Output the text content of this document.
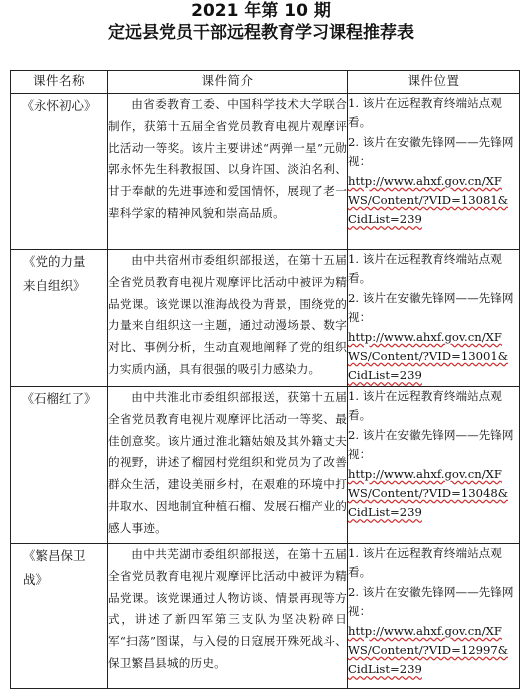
2021 年第 10 期
定远县党员干部远程教育学习课程推荐表
课件名称	课件简介	课件位置
《永怀初心》	由省委教育工委、中国科学技术大学联合制作，获第十五届全省党员教育电视片观摩评比活动一等奖。该片主要讲述“两弹一星”元勋郭永怀先生科教报国、以身许国、淡泊名利、甘于奉献的先进事迹和爱国情怀，展现了老一辈科学家的精神风貌和崇高品质。	1. 该片在远程教育终端站点观看。
2. 该片在安徽先锋网——先锋网视：
http://www.ahxf.gov.cn/XF
WS/Content/?VID=13081&
CidList=239

《党的力量来自组织》	由中共宿州市委组织部报送，在第十五届全省党员教育电视片观摩评比活动中被评为精品党课。该党课以淮海战役为背景，围绕党的力量来自组织这一主题，通过动漫场景、数字对比、事例分析，生动直观地阐释了党的组织力实质内涵，具有很强的吸引力感染力。	1. 该片在远程教育终端站点观看。
2. 该片在安徽先锋网——先锋网视：
http://www.ahxf.gov.cn/XF
WS/Content/?VID=13001&
CidList=239

《石榴红了》	由中共淮北市委组织部报送，获第十五届全省党员教育电视片观摩评比活动一等奖、最佳创意奖。该片通过淮北籍姑娘及其外籍丈夫的视野，讲述了榴园村党组织和党员为了改善群众生活，建设美丽乡村，在艰难的环境中打井取水、因地制宜种植石榴、发展石榴产业的感人事迹。	1. 该片在远程教育终端站点观看。
2. 该片在安徽先锋网——先锋网视：
http://www.ahxf.gov.cn/XF
WS/Content/?VID=13048&
CidList=239

《繁昌保卫战》	由中共芜湖市委组织部报送，在第十五届全省党员教育电视片观摩评比活动中被评为精品党课。该党课通过人物访谈、情景再现等方式，讲述了新四军第三支队为坚决粉碎日军“扫荡”图谋，与入侵的日寇展开殊死战斗、保卫繁昌县城的历史。	1. 该片在远程教育终端站点观看。
2. 该片在安徽先锋网——先锋网视：
http://www.ahxf.gov.cn/XF
WS/Content/?VID=12997&
CidList=239
